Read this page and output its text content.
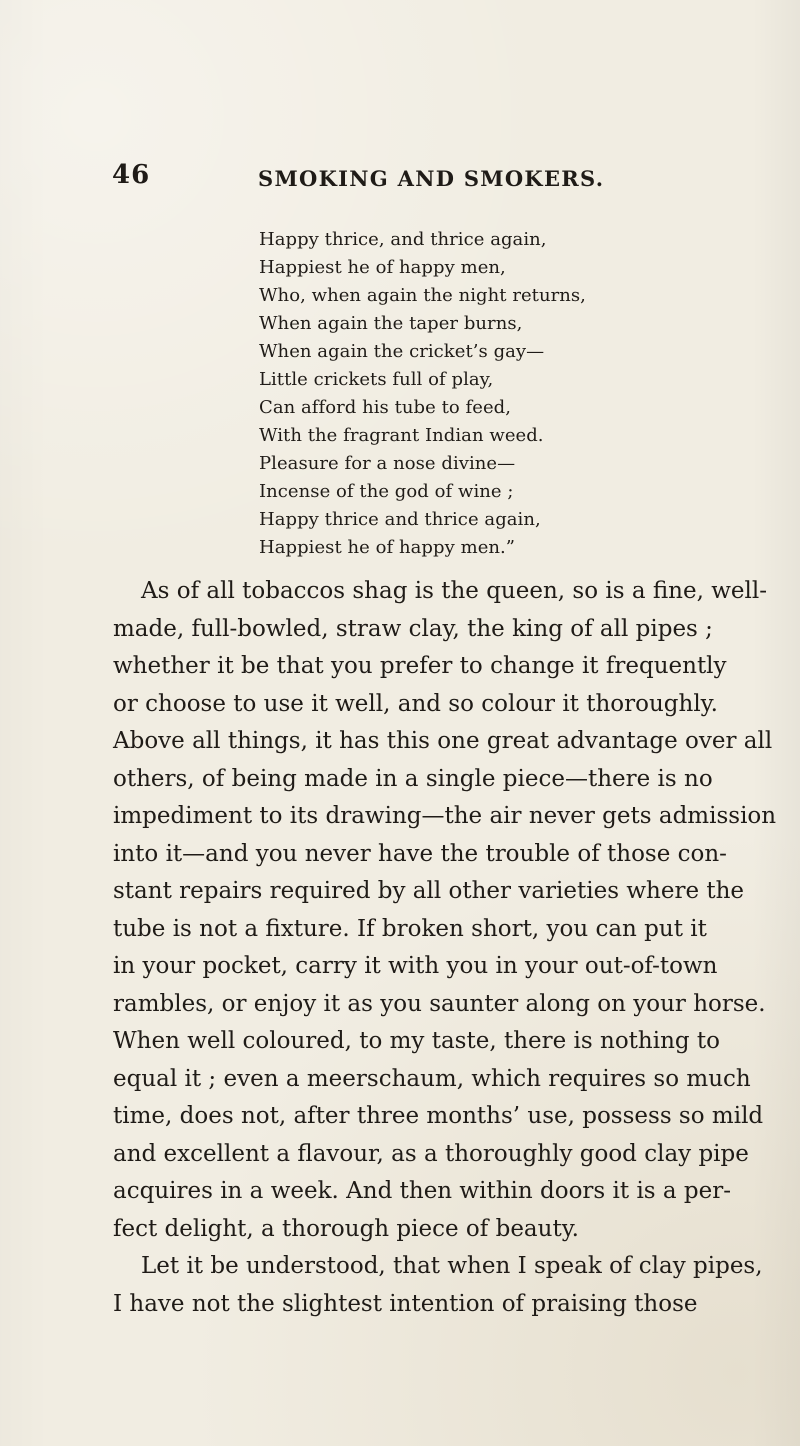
46	SMOKING AND SMOKERS.
Happy thrice, and thrice again,
Happiest he of happy men,
Who, when again the night returns,
When again the taper burns,
When again the cricket’s gay—
Little crickets full of play,
Can afford his tube to feed,
With the fragrant Indian weed.
Pleasure for a nose divine—
Incense of the god of wine ;
Happy thrice and thrice again,
Happiest he of happy men.”
As of all tobaccos shag is the queen, so is a fine, well-
made, full-bowled, straw clay, the king of all pipes ;
whether it be that you prefer to change it frequently
or choose to use it well, and so colour it thoroughly.
Above all things, it has this one great advantage over all
others, of being made in a single piece—there is no
impediment to its drawing—the air never gets admission
into it—and you never have the trouble of those con-
stant repairs required by all other varieties where the
tube is not a fixture. If broken short, you can put it
in your pocket, carry it with you in your out-of-town
rambles, or enjoy it as you saunter along on your horse.
When well coloured, to my taste, there is nothing to
equal it ; even a meerschaum, which requires so much
time, does not, after three months’ use, possess so mild
and excellent a flavour, as a thoroughly good clay pipe
acquires in a week. And then within doors it is a per-
fect delight, a thorough piece of beauty.
Let it be understood, that when I speak of clay pipes,
I have not the slightest intention of praising those
